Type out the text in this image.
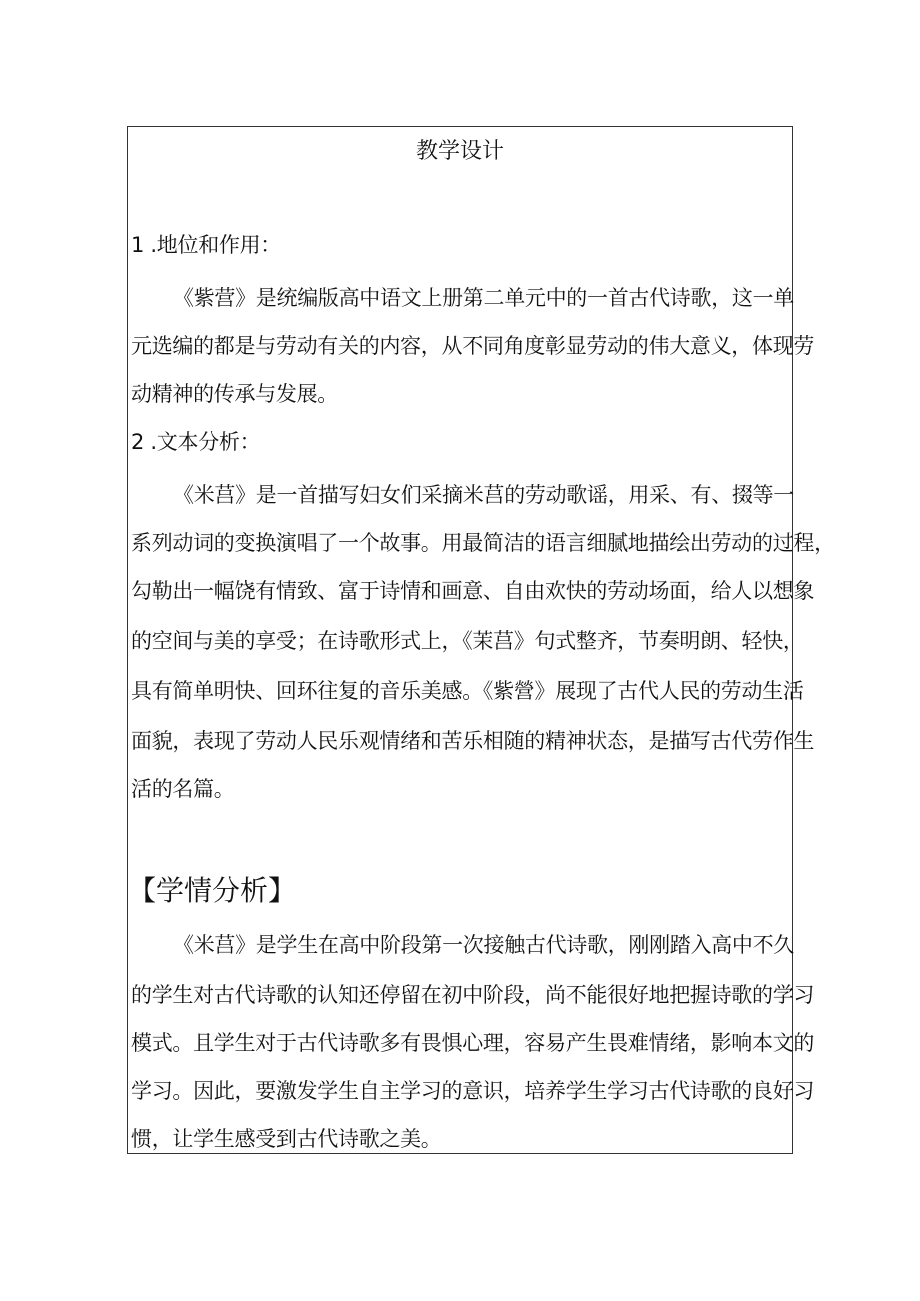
教学设计
1 .地位和作用：
《紫营》是统编版高中语文上册第二单元中的一首古代诗歌，这一单
元选编的都是与劳动有关的内容，从不同角度彰显劳动的伟大意义，体现劳
动精神的传承与发展。
2 .文本分析：
《米莒》是一首描写妇女们采摘米莒的劳动歌谣，用采、有、掇等一
系列动词的变换演唱了一个故事。用最简洁的语言细腻地描绘出劳动的过程，
勾勒出一幅饶有情致、富于诗情和画意、自由欢快的劳动场面，给人以想象
的空间与美的享受；在诗歌形式上，《茉莒》句式整齐，节奏明朗、轻快，
具有简单明快、回环往复的音乐美感。《紫營》展现了古代人民的劳动生活
面貌，表现了劳动人民乐观情绪和苦乐相随的精神状态，是描写古代劳作生
活的名篇。
【学情分析】
《米莒》是学生在高中阶段第一次接触古代诗歌，刚刚踏入高中不久
的学生对古代诗歌的认知还停留在初中阶段，尚不能很好地把握诗歌的学习
模式。且学生对于古代诗歌多有畏惧心理，容易产生畏难情绪，影响本文的
学习。因此，要激发学生自主学习的意识，培养学生学习古代诗歌的良好习
惯，让学生感受到古代诗歌之美。
